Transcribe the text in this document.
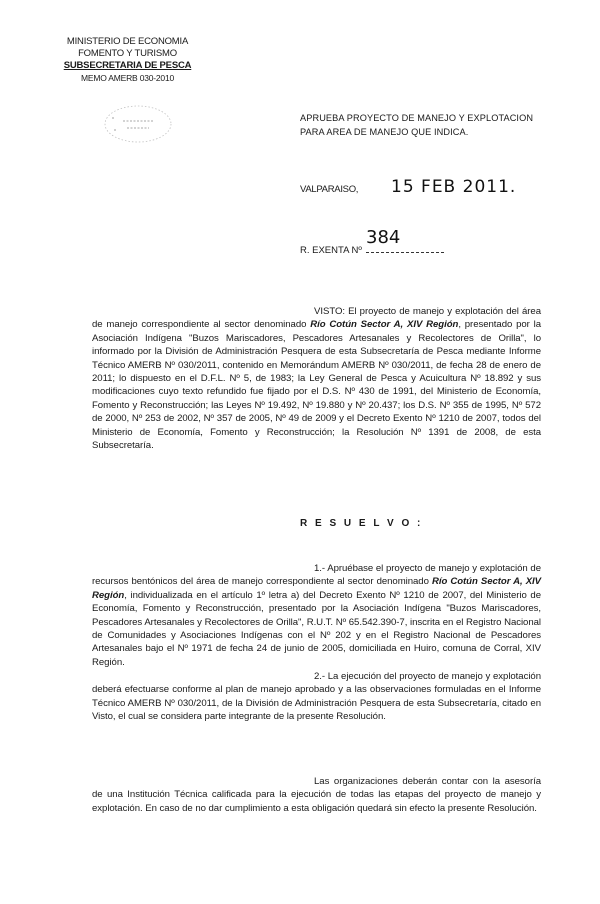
MINISTERIO DE ECONOMIA
FOMENTO Y TURISMO
SUBSECRETARIA DE PESCA
MEMO AMERB 030-2010
APRUEBA PROYECTO DE MANEJO Y EXPLOTACION
PARA AREA DE MANEJO QUE INDICA.
VALPARAISO, 15 FEB 2011.
R. EXENTA Nº
384
VISTO: El proyecto de manejo y explotación del área de manejo correspondiente al sector denominado Río Cotún Sector A, XIV Región, presentado por la Asociación Indígena "Buzos Mariscadores, Pescadores Artesanales y Recolectores de Orilla", lo informado por la División de Administración Pesquera de esta Subsecretaría de Pesca mediante Informe Técnico AMERB Nº 030/2011, contenido en Memorándum AMERB Nº 030/2011, de fecha 28 de enero de 2011; lo dispuesto en el D.F.L. Nº 5, de 1983; la Ley General de Pesca y Acuicultura Nº 18.892 y sus modificaciones cuyo texto refundido fue fijado por el D.S. Nº 430 de 1991, del Ministerio de Economía, Fomento y Reconstrucción; las Leyes Nº 19.492, Nº 19.880 y Nº 20.437; los D.S. Nº 355 de 1995, Nº 572 de 2000, Nº 253 de 2002, Nº 357 de 2005, Nº 49 de 2009 y el Decreto Exento Nº 1210 de 2007, todos del Ministerio de Economía, Fomento y Reconstrucción; la Resolución Nº 1391 de 2008, de esta Subsecretaría.
R E S U E L V O :
1.- Apruébase el proyecto de manejo y explotación de recursos bentónicos del área de manejo correspondiente al sector denominado Río Cotún Sector A, XIV Región, individualizada en el artículo 1º letra a) del Decreto Exento Nº 1210 de 2007, del Ministerio de Economía, Fomento y Reconstrucción, presentado por la Asociación Indígena "Buzos Mariscadores, Pescadores Artesanales y Recolectores de Orilla", R.U.T. Nº 65.542.390-7, inscrita en el Registro Nacional de Comunidades y Asociaciones Indígenas con el Nº 202 y en el Registro Nacional de Pescadores Artesanales bajo el Nº 1971 de fecha 24 de junio de 2005, domiciliada en Huiro, comuna de Corral, XIV Región.
2.- La ejecución del proyecto de manejo y explotación deberá efectuarse conforme al plan de manejo aprobado y a las observaciones formuladas en el Informe Técnico AMERB Nº 030/2011, de la División de Administración Pesquera de esta Subsecretaría, citado en Visto, el cual se considera parte integrante de la presente Resolución.
Las organizaciones deberán contar con la asesoría de una Institución Técnica calificada para la ejecución de todas las etapas del proyecto de manejo y explotación. En caso de no dar cumplimiento a esta obligación quedará sin efecto la presente Resolución.
